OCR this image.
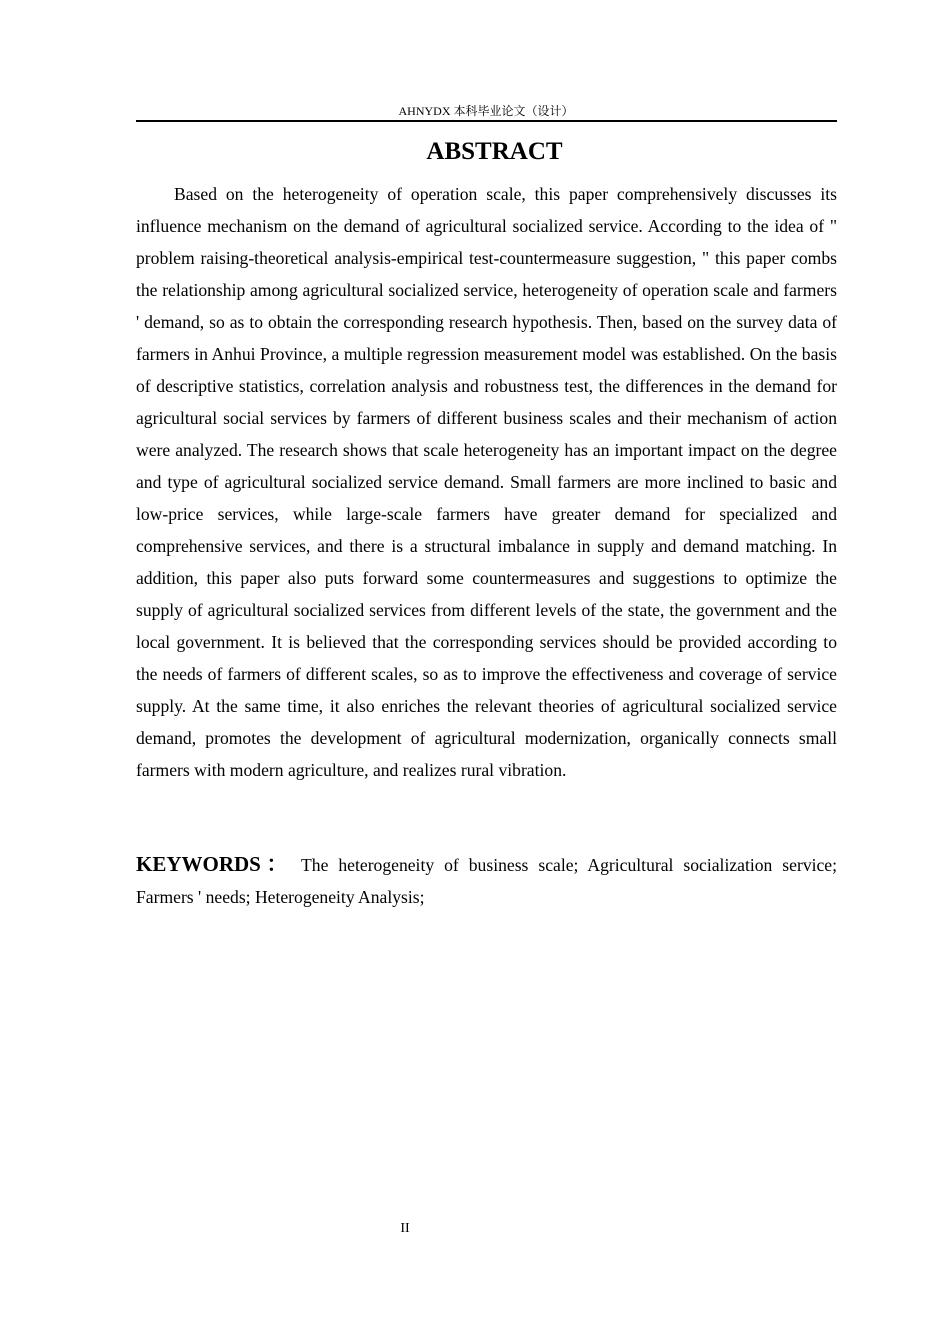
AHNYDX 本科毕业论文（设计）
ABSTRACT

Based on the heterogeneity of operation scale, this paper comprehensively discusses its influence mechanism on the demand of agricultural socialized service. According to the idea of " problem raising-theoretical analysis-empirical test-countermeasure suggestion, " this paper combs the relationship among agricultural socialized service, heterogeneity of operation scale and farmers ' demand, so as to obtain the corresponding research hypothesis. Then, based on the survey data of farmers in Anhui Province, a multiple regression measurement model was established. On the basis of descriptive statistics, correlation analysis and robustness test, the differences in the demand for agricultural social services by farmers of different business scales and their mechanism of action were analyzed. The research shows that scale heterogeneity has an important impact on the degree and type of agricultural socialized service demand. Small farmers are more inclined to basic and low-price services, while large-scale farmers have greater demand for specialized and comprehensive services, and there is a structural imbalance in supply and demand matching. In addition, this paper also puts forward some countermeasures and suggestions to optimize the supply of agricultural socialized services from different levels of the state, the government and the local government. It is believed that the corresponding services should be provided according to the needs of farmers of different scales, so as to improve the effectiveness and coverage of service supply. At the same time, it also enriches the relevant theories of agricultural socialized service demand, promotes the development of agricultural modernization, organically connects small farmers with modern agriculture, and realizes rural vibration.

KEYWORDS： The heterogeneity of business scale; Agricultural socialization service; Farmers ' needs; Heterogeneity Analysis;

II
